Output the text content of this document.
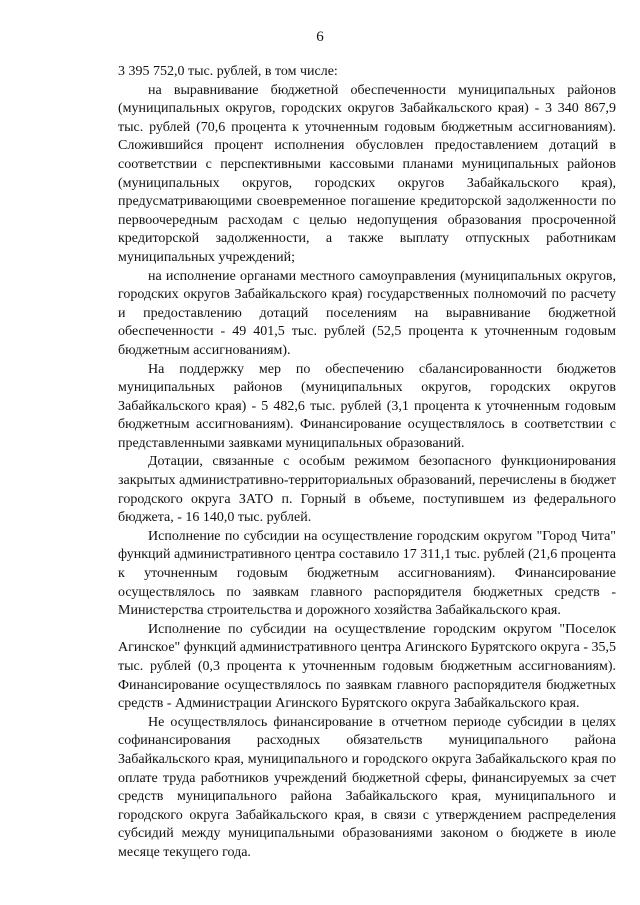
6

3 395 752,0 тыс. рублей, в том числе:

на выравнивание бюджетной обеспеченности муниципальных районов (муниципальных округов, городских округов Забайкальского края) - 3 340 867,9 тыс. рублей (70,6 процента к уточненным годовым бюджетным ассигнованиям). Сложившийся процент исполнения обусловлен предоставлением дотаций в соответствии с перспективными кассовыми планами муниципальных районов (муниципальных округов, городских округов Забайкальского края), предусматривающими своевременное погашение кредиторской задолженности по первоочередным расходам с целью недопущения образования просроченной кредиторской задолженности, а также выплату отпускных работникам муниципальных учреждений;

на исполнение органами местного самоуправления (муниципальных округов, городских округов Забайкальского края) государственных полномочий по расчету и предоставлению дотаций поселениям на выравнивание бюджетной обеспеченности - 49 401,5 тыс. рублей (52,5 процента к уточненным годовым бюджетным ассигнованиям).

На поддержку мер по обеспечению сбалансированности бюджетов муниципальных районов (муниципальных округов, городских округов Забайкальского края) - 5 482,6 тыс. рублей (3,1 процента к уточненным годовым бюджетным ассигнованиям). Финансирование осуществлялось в соответствии с представленными заявками муниципальных образований.

Дотации, связанные с особым режимом безопасного функционирования закрытых административно-территориальных образований, перечислены в бюджет городского округа ЗАТО п. Горный в объеме, поступившем из федерального бюджета, - 16 140,0 тыс. рублей.

Исполнение по субсидии на осуществление городским округом "Город Чита" функций административного центра составило 17 311,1 тыс. рублей (21,6 процента к уточненным годовым бюджетным ассигнованиям). Финансирование осуществлялось по заявкам главного распорядителя бюджетных средств - Министерства строительства и дорожного хозяйства Забайкальского края.

Исполнение по субсидии на осуществление городским округом "Поселок Агинское" функций административного центра Агинского Бурятского округа - 35,5 тыс. рублей (0,3 процента к уточненным годовым бюджетным ассигнованиям). Финансирование осуществлялось по заявкам главного распорядителя бюджетных средств - Администрации Агинского Бурятского округа Забайкальского края.

Не осуществлялось финансирование в отчетном периоде субсидии в целях софинансирования расходных обязательств муниципального района Забайкальского края, муниципального и городского округа Забайкальского края по оплате труда работников учреждений бюджетной сферы, финансируемых за счет средств муниципального района Забайкальского края, муниципального и городского округа Забайкальского края, в связи с утверждением распределения субсидий между муниципальными образованиями законом о бюджете в июле месяце текущего года.
